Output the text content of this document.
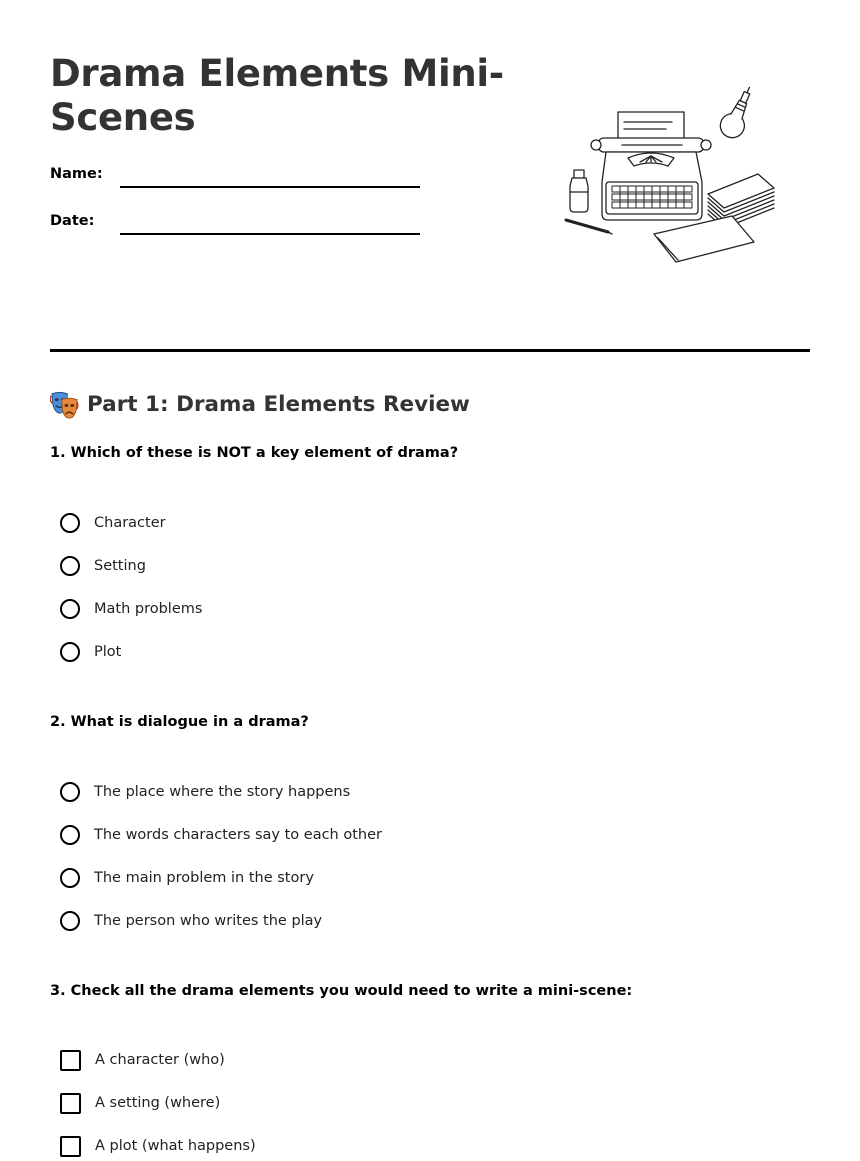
Drama Elements Mini-Scenes
Name:
Date:
Part 1: Drama Elements Review
1. Which of these is NOT a key element of drama?
Character
Setting
Math problems
Plot
2. What is dialogue in a drama?
The place where the story happens
The words characters say to each other
The main problem in the story
The person who writes the play
3. Check all the drama elements you would need to write a mini-scene:
A character (who)
A setting (where)
A plot (what happens)
